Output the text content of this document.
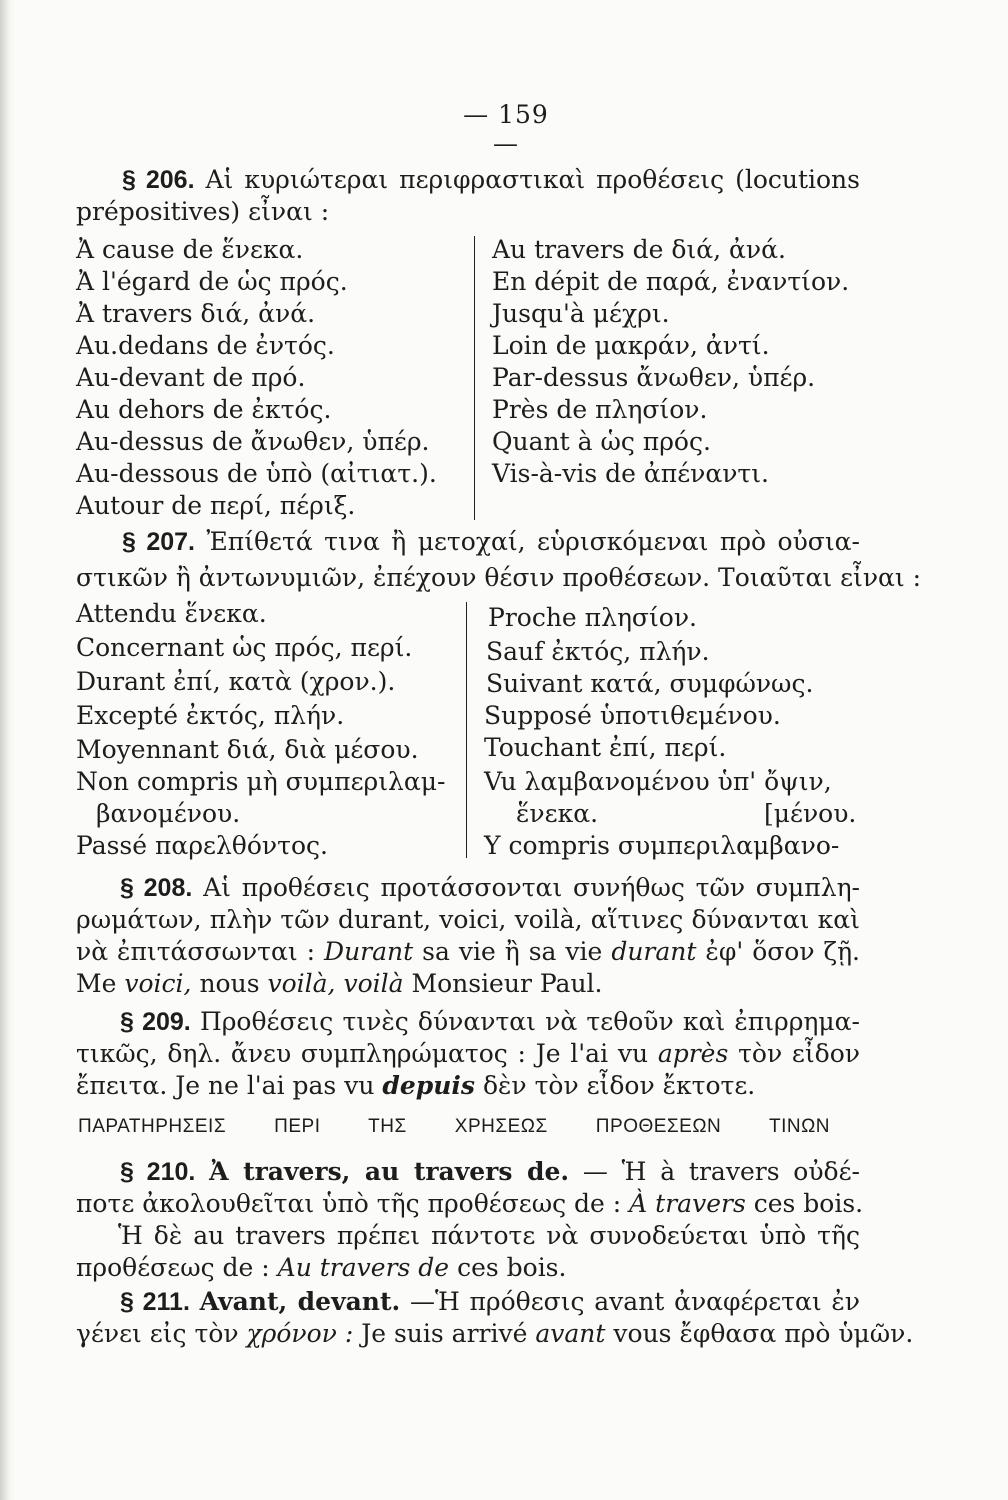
— 159 —
§ 206. Αἱ κυριώτεραι περιφραστικαὶ προθέσεις (locutions
prépositives) εἶναι :
Ἀ cause de ἕνεκα.
Ἀ l'égard de ὡς πρός.
Ἀ travers διά, ἀνά.
Au.dedans de ἐντός.
Au-devant de πρό.
Au dehors de ἐκτός.
Au-dessus de ἄνωθεν, ὑπέρ.
Au-dessous de ὑπὸ (αἰτιατ.).
Autour de περί, πέριξ.
Au travers de διά, ἀνά.
En dépit de παρά, ἐναντίον.
Jusqu'à μέχρι.
Loin de μακράν, ἀντί.
Par-dessus ἄνωθεν, ὑπέρ.
Près de πλησίον.
Quant à ὡς πρός.
Vis-à-vis de ἀπέναντι.
§ 207. Ἐπίθετά τινα ἢ μετοχαί, εὑρισκόμεναι πρὸ οὐσια-
στικῶν ἢ ἀντωνυμιῶν, ἐπέχουν θέσιν προθέσεων. Τοιαῦται εἶναι :
Attendu ἕνεκα.
Concernant ὡς πρός, περί.
Durant ἐπί, κατὰ (χρον.).
Excepté ἐκτός, πλήν.
Moyennant διά, διὰ μέσου.
Non compris μὴ συμπεριλαμ-
βανομένου.
Passé παρελθόντος.
Proche πλησίον.
Sauf ἐκτός, πλήν.
Suivant κατά, συμφώνως.
Supposé ὑποτιθεμένου.
Touchant ἐπί, περί.
Vu λαμβανομένου ὑπ' ὄψιν,
ἕνεκα.	[μένου.
Y compris συμπεριλαμβανο-
§ 208. Αἱ προθέσεις προτάσσονται συνήθως τῶν συμπλη-
ρωμάτων, πλὴν τῶν durant, voici, voilà, αἵτινες δύνανται καὶ
νὰ ἐπιτάσσωνται : Durant sa vie ἢ sa vie durant ἐφ' ὅσον ζῇ.
Me voici, nous voilà, voilà Monsieur Paul.
§ 209. Προθέσεις τινὲς δύνανται νὰ τεθοῦν καὶ ἐπιρρημα-
τικῶς, δηλ. ἄνευ συμπληρώματος : Je l'ai vu après τὸν εἶδον
ἔπειτα. Je ne l'ai pas vu depuis δὲν τὸν εἶδον ἔκτοτε.
ΠΑΡΑΤΗΡΗΣΕΙΣ ΠΕΡΙ ΤΗΣ ΧΡΗΣΕΩΣ ΠΡΟΘΕΣΕΩΝ ΤΙΝΩΝ
§ 210. Ἀ travers, au travers de. — Ἡ à travers οὐδέ-
ποτε ἀκολουθεῖται ὑπὸ τῆς προθέσεως de : À travers ces bois.
Ἡ δὲ au travers πρέπει πάντοτε νὰ συνοδεύεται ὑπὸ τῆς
προθέσεως de : Au travers de ces bois.
§ 211. Avant, devant. —Ἡ πρόθεσις avant ἀναφέρεται ἐν
γένει εἰς τὸν χρόνον : Je suis arrivé avant vous ἔφθασα πρὸ ὑμῶν.
